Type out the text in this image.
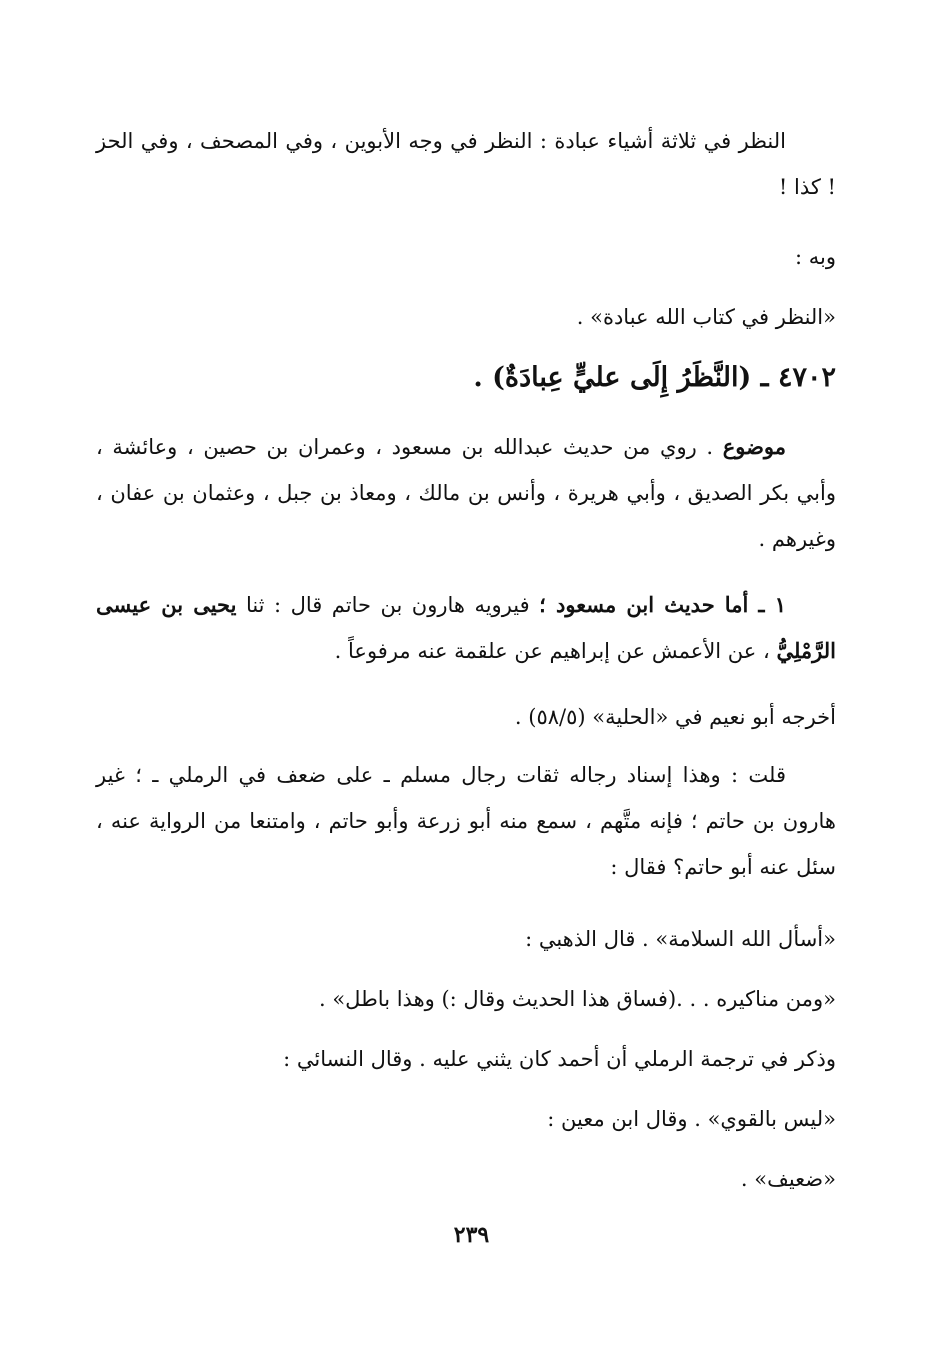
النظر في ثلاثة أشياء عبادة : النظر في وجه الأبوين ، وفي المصحف ، وفي الحز ! كذا !
وبه :
«النظر في كتاب الله عبادة» .
٤٧٠٢ ـ (النَّظَرُ إِلَى عليٍّ عِبادَةٌ) .
موضوع . روي من حديث عبدالله بن مسعود ، وعمران بن حصين ، وعائشة ، وأبي بكر الصديق ، وأبي هريرة ، وأنس بن مالك ، ومعاذ بن جبل ، وعثمان بن عفان ، وغيرهم .
١ ـ أما حديث ابن مسعود ؛ فيرويه هارون بن حاتم قال : ثنا يحيى بن عيسى الرَّمْلِيُّ ، عن الأعمش عن إبراهيم عن علقمة عنه مرفوعاً .
أخرجه أبو نعيم في «الحلية» (٥٨/٥) .
قلت : وهذا إسناد رجاله ثقات رجال مسلم ـ على ضعف في الرملي ـ ؛ غير هارون بن حاتم ؛ فإنه متَّهم ، سمع منه أبو زرعة وأبو حاتم ، وامتنعا من الرواية عنه ، سئل عنه أبو حاتم؟ فقال :
«أسأل الله السلامة» . قال الذهبي :
«ومن مناكيره . . .(فساق هذا الحديث وقال :) وهذا باطل» .
وذكر في ترجمة الرملي أن أحمد كان يثني عليه . وقال النسائي :
«ليس بالقوي» . وقال ابن معين :
«ضعيف» .
٢٣٩
